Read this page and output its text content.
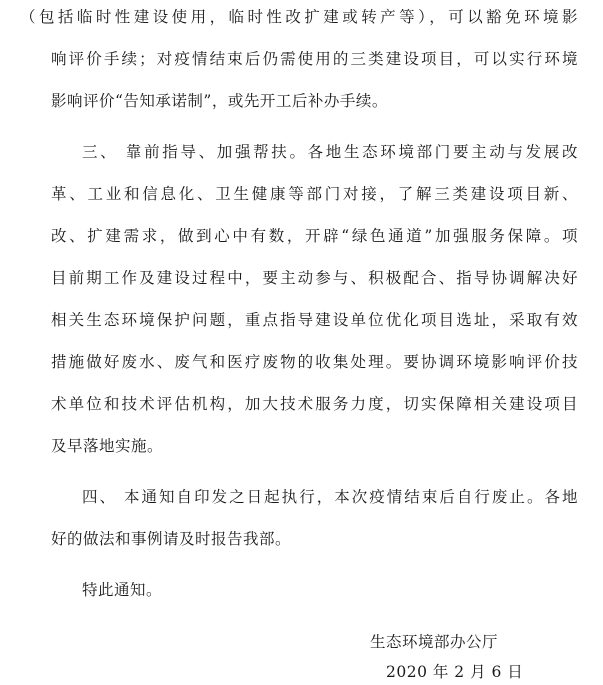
（包括临时性建设使用，临时性改扩建或转产等），可以豁免环境影
响评价手续；对疫情结束后仍需使用的三类建设项目，可以实行环境
影响评价“告知承诺制”，或先开工后补办手续。
三、 靠前指导、加强帮扶。各地生态环境部门要主动与发展改
革、工业和信息化、卫生健康等部门对接，了解三类建设项目新、
改、扩建需求，做到心中有数，开辟“绿色通道”加强服务保障。项
目前期工作及建设过程中，要主动参与、积极配合、指导协调解决好
相关生态环境保护问题，重点指导建设单位优化项目选址，采取有效
措施做好废水、废气和医疗废物的收集处理。要协调环境影响评价技
术单位和技术评估机构，加大技术服务力度，切实保障相关建设项目
及早落地实施。
四、 本通知自印发之日起执行，本次疫情结束后自行废止。各地
好的做法和事例请及时报告我部。
特此通知。
生态环境部办公厅
2020 年 2 月 6 日
